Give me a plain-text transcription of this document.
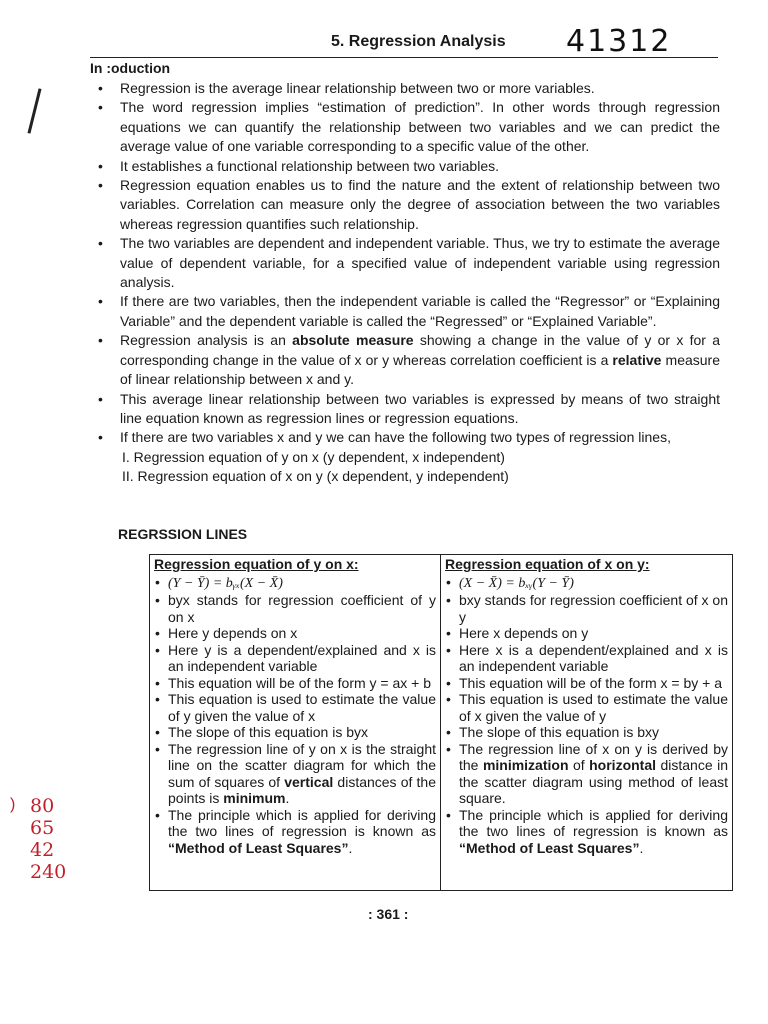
5. Regression Analysis 41312
In :oduction
• Regression is the average linear relationship between two or more variables.
• The word regression implies “estimation of prediction”. In other words through regression equations we can quantify the relationship between two variables and we can predict the average value of one variable corresponding to a specific value of the other.
• It establishes a functional relationship between two variables.
• Regression equation enables us to find the nature and the extent of relationship between two variables. Correlation can measure only the degree of association between the two variables whereas regression quantifies such relationship.
• The two variables are dependent and independent variable. Thus, we try to estimate the average value of dependent variable, for a specified value of independent variable using regression analysis.
• If there are two variables, then the independent variable is called the “Regressor” or “Explaining Variable” and the dependent variable is called the “Regressed” or “Explained Variable”.
• Regression analysis is an absolute measure showing a change in the value of y or x for a corresponding change in the value of x or y whereas correlation coefficient is a relative measure of linear relationship between x and y.
• This average linear relationship between two variables is expressed by means of two straight line equation known as regression lines or regression equations.
• If there are two variables x and y we can have the following two types of regression lines,
I. Regression equation of y on x (y dependent, x independent)
II. Regression equation of x on y (x dependent, y independent)
REGRSSION LINES
Regression equation of y on x:
• (Y − Ȳ) = bᵧₓ(X − X̄)
• byx stands for regression coefficient of y on x
• Here y depends on x
• Here y is a dependent/explained and x is an independent variable
• This equation will be of the form y = ax + b
• This equation is used to estimate the value of y given the value of x
• The slope of this equation is byx
• The regression line of y on x is the straight line on the scatter diagram for which the sum of squares of vertical distances of the points is minimum.
• The principle which is applied for deriving the two lines of regression is known as “Method of Least Squares”.
Regression equation of x on y:
• (X − X̄) = bₓᵧ(Y − Ȳ)
• bxy stands for regression coefficient of x on y
• Here x depends on y
• Here x is a dependent/explained and x is an independent variable
• This equation will be of the form x = by + a
• This equation is used to estimate the value of x given the value of y
• The slope of this equation is bxy
• The regression line of x on y is derived by the minimization of horizontal distance in the scatter diagram using method of least square.
• The principle which is applied for deriving the two lines of regression is known as “Method of Least Squares”.
) 80
65
42
240
: 361 :
